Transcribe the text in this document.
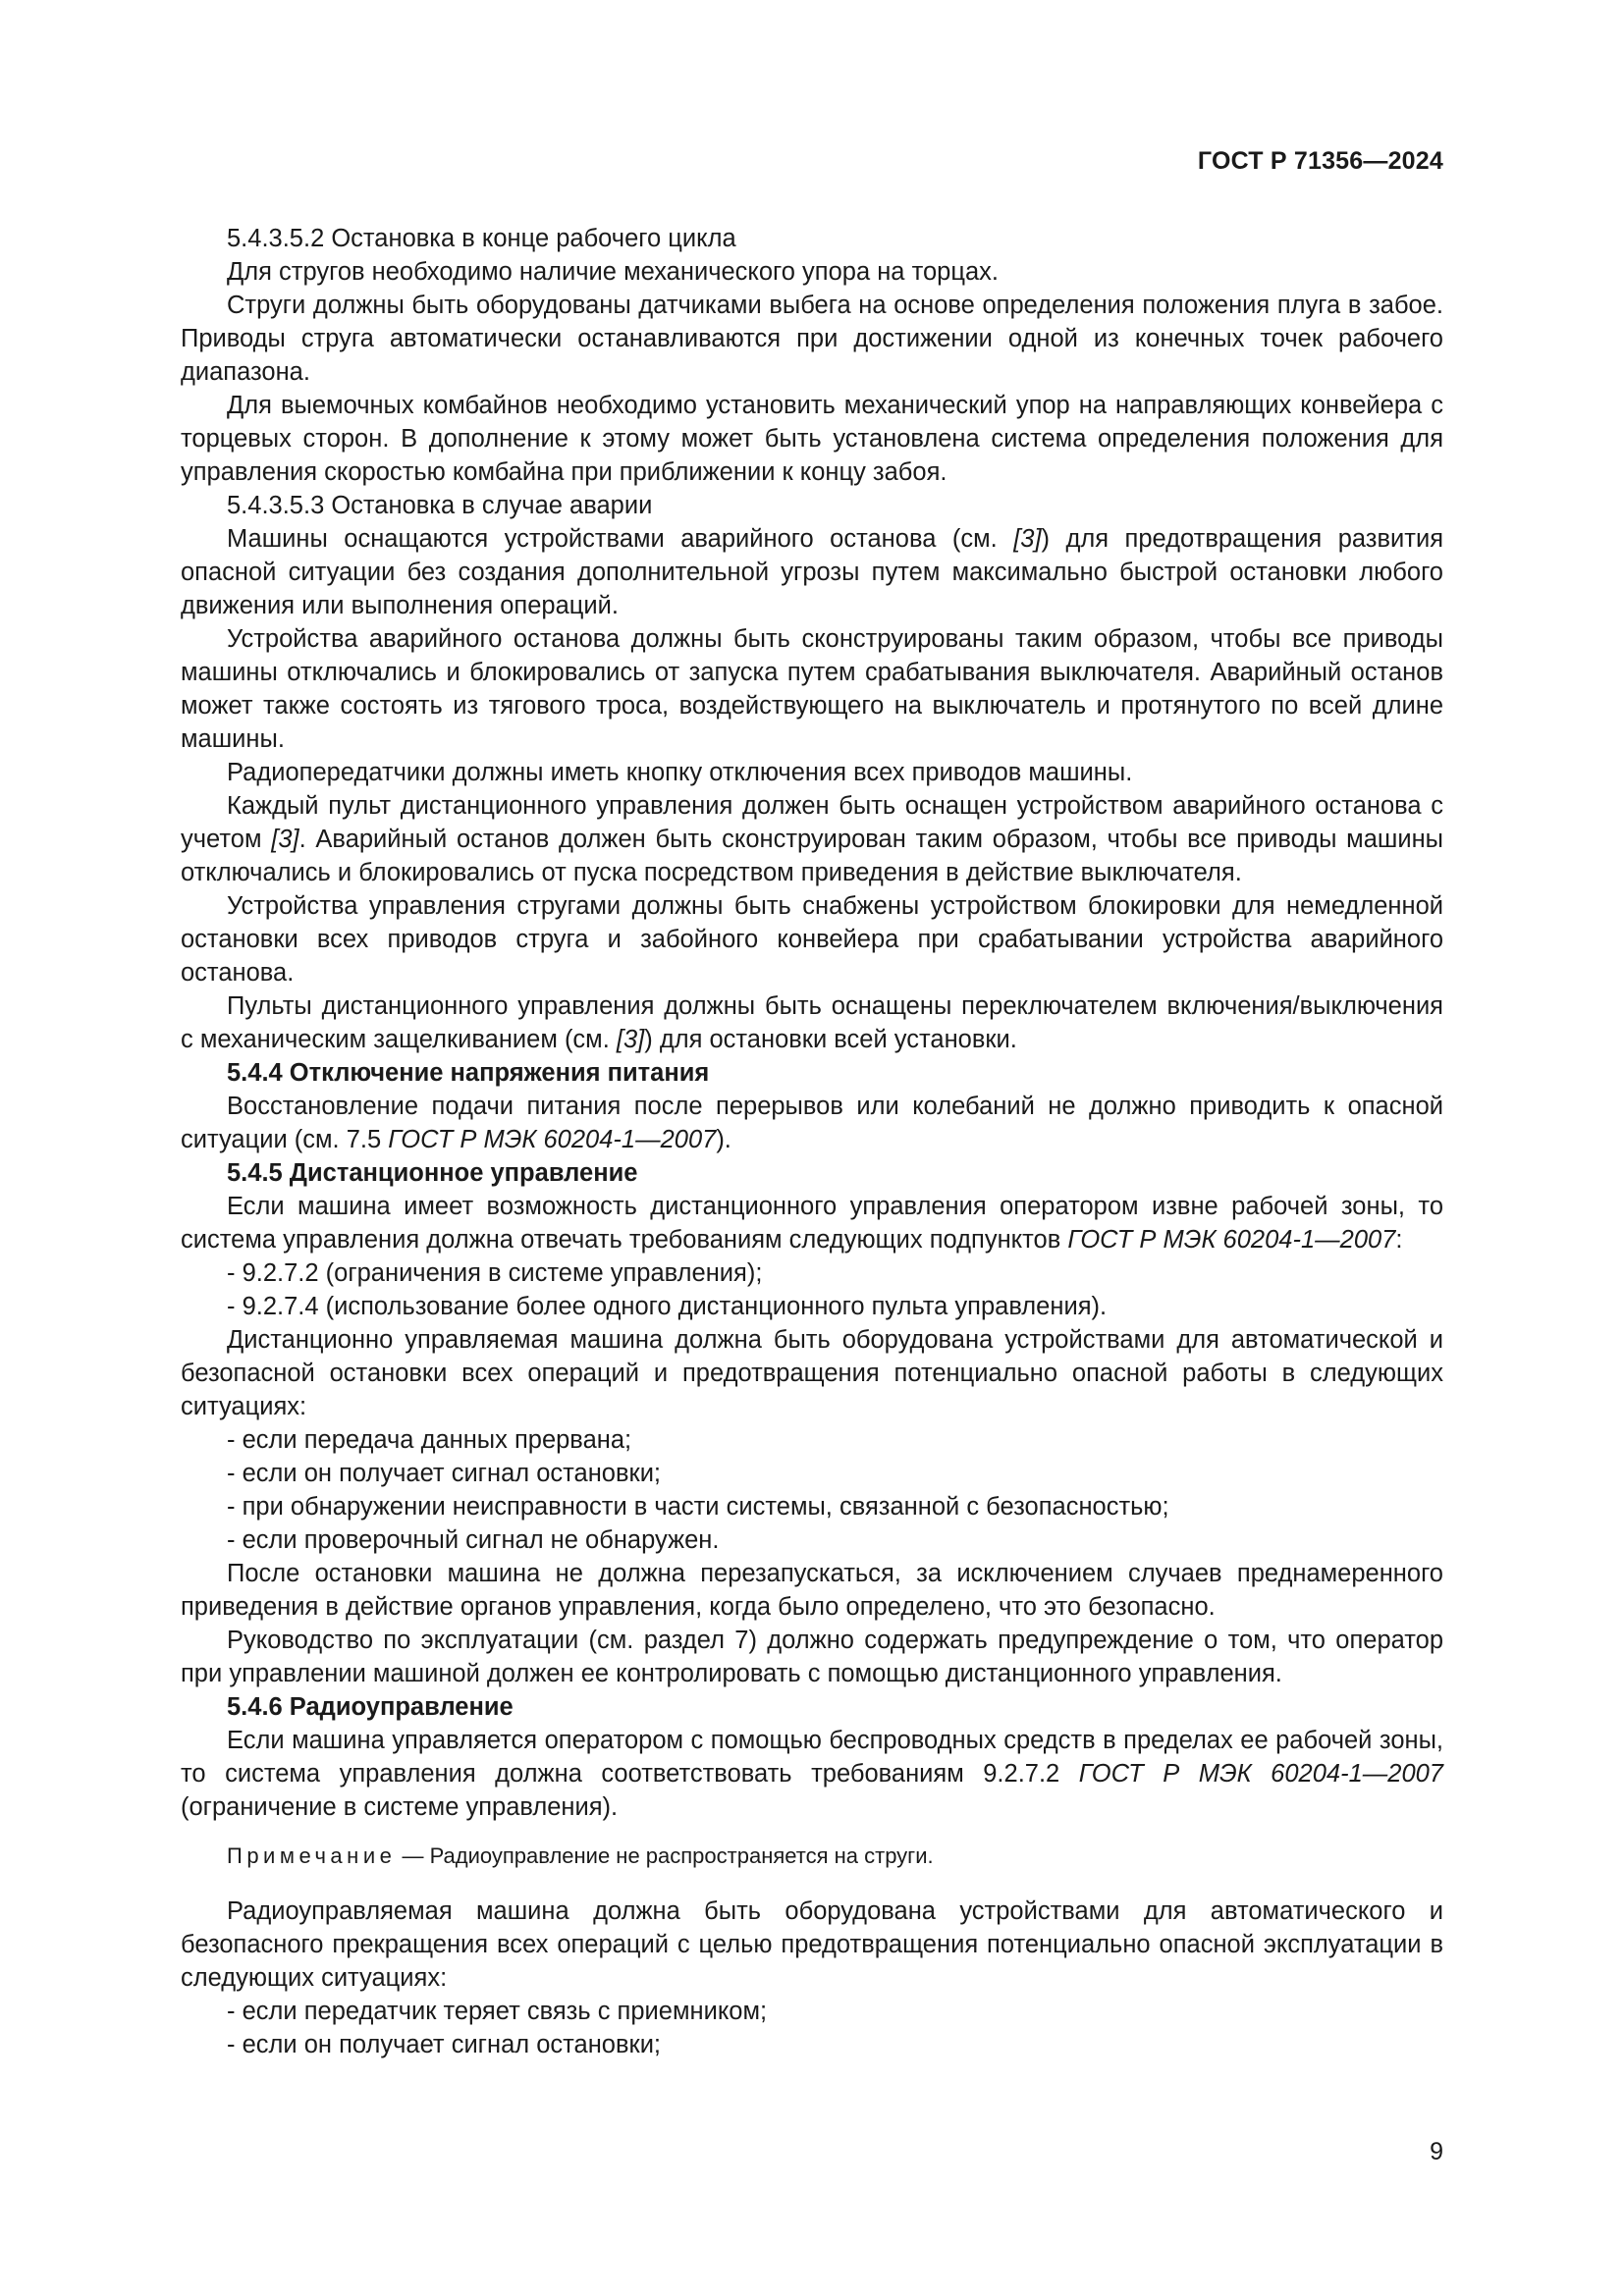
ГОСТ Р 71356—2024

5.4.3.5.2 Остановка в конце рабочего цикла

Для стругов необходимо наличие механического упора на торцах.

Струги должны быть оборудованы датчиками выбега на основе определения положения плуга в забое. Приводы струга автоматически останавливаются при достижении одной из конечных точек рабочего диапазона.

Для выемочных комбайнов необходимо установить механический упор на направляющих конвейера с торцевых сторон. В дополнение к этому может быть установлена система определения положения для управления скоростью комбайна при приближении к концу забоя.

5.4.3.5.3 Остановка в случае аварии

Машины оснащаются устройствами аварийного останова (см. [3]) для предотвращения развития опасной ситуации без создания дополнительной угрозы путем максимально быстрой остановки любого движения или выполнения операций.

Устройства аварийного останова должны быть сконструированы таким образом, чтобы все приводы машины отключались и блокировались от запуска путем срабатывания выключателя. Аварийный останов может также состоять из тягового троса, воздействующего на выключатель и протянутого по всей длине машины.

Радиопередатчики должны иметь кнопку отключения всех приводов машины.

Каждый пульт дистанционного управления должен быть оснащен устройством аварийного останова с учетом [3]. Аварийный останов должен быть сконструирован таким образом, чтобы все приводы машины отключались и блокировались от пуска посредством приведения в действие выключателя.

Устройства управления стругами должны быть снабжены устройством блокировки для немедленной остановки всех приводов струга и забойного конвейера при срабатывании устройства аварийного останова.

Пульты дистанционного управления должны быть оснащены переключателем включения/выключения с механическим защелкиванием (см. [3]) для остановки всей установки.

5.4.4 Отключение напряжения питания

Восстановление подачи питания после перерывов или колебаний не должно приводить к опасной ситуации (см. 7.5 ГОСТ Р МЭК 60204-1—2007).

5.4.5 Дистанционное управление

Если машина имеет возможность дистанционного управления оператором извне рабочей зоны, то система управления должна отвечать требованиям следующих подпунктов ГОСТ Р МЭК 60204-1—2007:

- 9.2.7.2 (ограничения в системе управления);

- 9.2.7.4 (использование более одного дистанционного пульта управления).

Дистанционно управляемая машина должна быть оборудована устройствами для автоматической и безопасной остановки всех операций и предотвращения потенциально опасной работы в следующих ситуациях:

- если передача данных прервана;

- если он получает сигнал остановки;

- при обнаружении неисправности в части системы, связанной с безопасностью;

- если проверочный сигнал не обнаружен.

После остановки машина не должна перезапускаться, за исключением случаев преднамеренного приведения в действие органов управления, когда было определено, что это безопасно.

Руководство по эксплуатации (см. раздел 7) должно содержать предупреждение о том, что оператор при управлении машиной должен ее контролировать с помощью дистанционного управления.

5.4.6 Радиоуправление

Если машина управляется оператором с помощью беспроводных средств в пределах ее рабочей зоны, то система управления должна соответствовать требованиям 9.2.7.2 ГОСТ Р МЭК 60204-1—2007 (ограничение в системе управления).

Примечание — Радиоуправление не распространяется на струги.

Радиоуправляемая машина должна быть оборудована устройствами для автоматического и безопасного прекращения всех операций с целью предотвращения потенциально опасной эксплуатации в следующих ситуациях:

- если передатчик теряет связь с приемником;

- если он получает сигнал остановки;

9
